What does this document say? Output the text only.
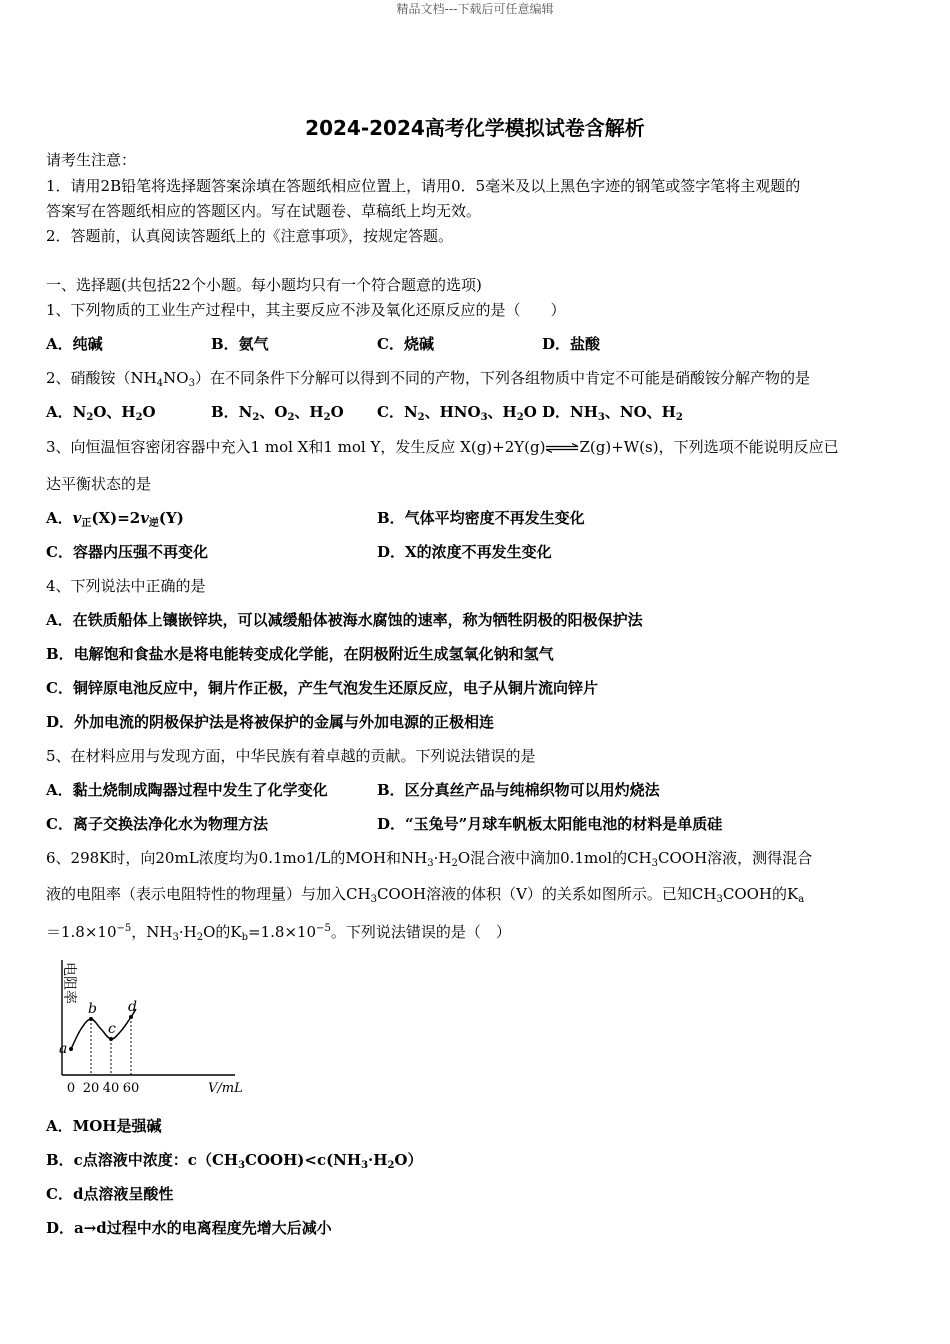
精品文档---下载后可任意编辑
2024-2024高考化学模拟试卷含解析
请考生注意：
1．请用2B铅笔将选择题答案涂填在答题纸相应位置上，请用0．5毫米及以上黑色字迹的钢笔或签字笔将主观题的
答案写在答题纸相应的答题区内。写在试题卷、草稿纸上均无效。
2．答题前，认真阅读答题纸上的《注意事项》，按规定答题。
一、选择题(共包括22个小题。每小题均只有一个符合题意的选项)
1、下列物质的工业生产过程中，其主要反应不涉及氧化还原反应的是（　　）
A．纯碱	B．氨气	C．烧碱	D．盐酸
2、硝酸铵$(NH_4NO_3)$在不同条件下分解可以得到不同的产物，下列各组物质中肯定不可能是硝酸铵分解产物的是
A．$N_2O$、$H_2O$	B．$N_2$、$O_2$、$H_2O$ C．$N_2$、$HNO_3$、$H_2O$ D．$NH_3$、NO、$H_2$
3、向恒温恒容密闭容器中充入1 mol X和1 mol Y，发生反应 X(g)+2Y(g)⇌Z(g)+W(s)，下列选项不能说明反应已
达平衡状态的是
A．$v_正(X)=2v_逆(Y)$	B．气体平均密度不再发生变化
C．容器内压强不再变化	D．X的浓度不再发生变化
4、下列说法中正确的是
A．在铁质船体上镶嵌锌块，可以减缓船体被海水腐蚀的速率，称为牺牲阴极的阳极保护法
B．电解饱和食盐水是将电能转变成化学能，在阴极附近生成氢氧化钠和氢气
C．铜锌原电池反应中，铜片作正极，产生气泡发生还原反应，电子从铜片流向锌片
D．外加电流的阴极保护法是将被保护的金属与外加电源的正极相连
5、在材料应用与发现方面，中华民族有着卓越的贡献。下列说法错误的是
A．黏土烧制成陶器过程中发生了化学变化	B．区分真丝产品与纯棉织物可以用灼烧法
C．离子交换法净化水为物理方法	D．“玉兔号”月球车帆板太阳能电池的材料是单质硅
6、298K时，向20mL浓度均为0.1mo1/L的MOH和$NH_3\cdot H_2O$混合液中滴加0.1mol的$CH_3COOH$溶液，测得混合
液的电阻率（表示电阻特性的物理量）与加入$CH_3COOH$溶液的体积（V）的关系如图所示。已知$CH_3COOH$的$K_a$
$=1.8\times 10^{-5}$，$NH_3\cdot H_2O$的$K_b=1.8\times 10^{-5}$。下列说法错误的是（　）
电阻率
0 20 40 60	V/mL
a
b
c
d
A．MOH是强碱
B．c点溶液中浓度：$c(CH_3COOH)<c(NH_3\cdot H_2O)$
C．d点溶液呈酸性
D．a→d过程中水的电离程度先增大后减小
